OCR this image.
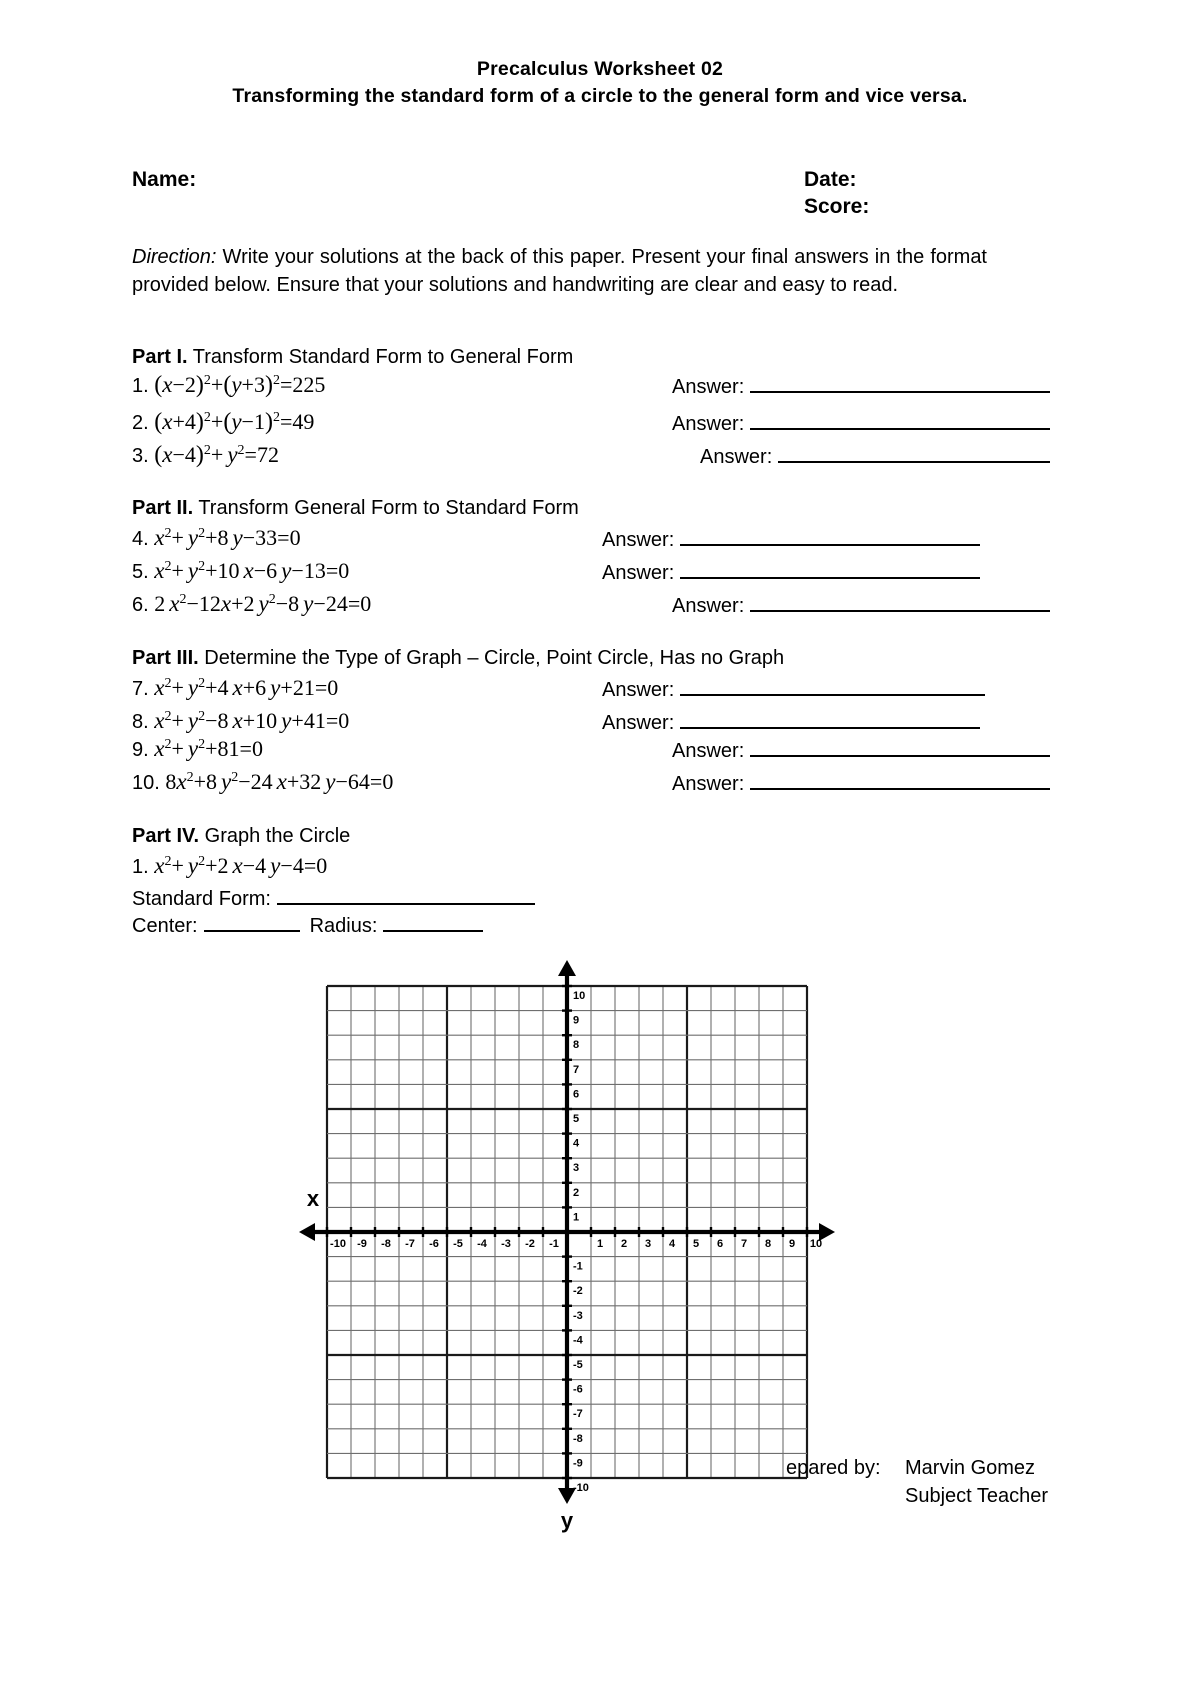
Precalculus Worksheet 02
Transforming the standard form of a circle to the general form and vice versa.
Name:	Date:
Score:
Direction: Write your solutions at the back of this paper. Present your final answers in the format provided below. Ensure that your solutions and handwriting are clear and easy to read.
Part I. Transform Standard Form to General Form
1. $(x-2)^2+(y+3)^2=225$	Answer:
2. $(x+4)^2+(y-1)^2=49$	Answer:
3. $(x-4)^2+ y^2=72$	Answer:
Part II. Transform General Form to Standard Form
4. $x^2+ y^2+8$ y−33=0	Answer:
5. $x^2+ y^2+10$ x−6 y−13=0	Answer:
6. 2 $x^2-12x+2$ $y^2-8$ y−24=0	Answer:
Part III. Determine the Type of Graph – Circle, Point Circle, Has no Graph
7. $x^2+ y^2+4$ x+6 y+21=0	Answer:
8. $x^2+ y^2-8$ x+10 y+41=0	Answer:
9. $x^2+ y^2+81=0$	Answer:
10. $8x^2+8$ $y^2-24$ x+32 y−64=0	Answer:
Part IV. Graph the Circle
1. $x^2+ y^2+2$ x−4 y−4=0
Standard Form:
Center:	Radius:
-10 -9 -8 -7 -6 -5 -4 -3 -2 -1	1 2 3 4 5 6 7 8 9 10
10
9
8
7
6
5
4
3
2
1
-1
-2
-3
-4
-5
-6
-7
-8
-9
-10
x
y
epared by: Marvin Gomez
Subject Teacher
